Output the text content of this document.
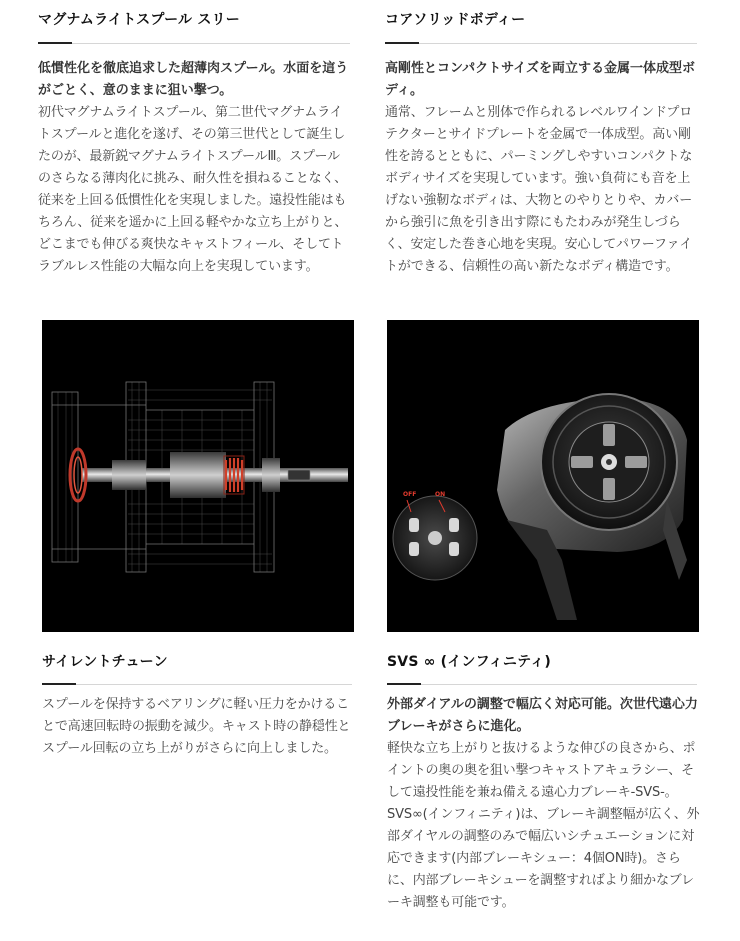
マグナムライトスプール スリー

低慣性化を徹底追求した超薄肉スプール。水面を這うがごとく、意のままに狙い撃つ。

初代マグナムライトスプール、第二世代マグナムライトスプールと進化を遂げ、その第三世代として誕生したのが、最新鋭マグナムライトスプールⅢ。スプールのさらなる薄肉化に挑み、耐久性を損ねることなく、従来を上回る低慣性化を実現しました。遠投性能はもちろん、従来を遥かに上回る軽やかな立ち上がりと、どこまでも伸びる爽快なキャストフィール、そしてトラブルレス性能の大幅な向上を実現しています。

コアソリッドボディー

高剛性とコンパクトサイズを両立する金属一体成型ボディ。

通常、フレームと別体で作られるレベルワインドプロテクターとサイドプレートを金属で一体成型。高い剛性を誇るとともに、パーミングしやすいコンパクトなボディサイズを実現しています。強い負荷にも音を上げない強靭なボディは、大物とのやりとりや、カバーから強引に魚を引き出す際にもたわみが発生しづらく、安定した巻き心地を実現。安心してパワーファイトができる、信頼性の高い新たなボディ構造です。

OFF	ON
サイレントチューン

スプールを保持するベアリングに軽い圧力をかけることで高速回転時の振動を減少。キャスト時の静穏性とスプール回転の立ち上がりがさらに向上しました。

SVS ∞ (インフィニティ)

外部ダイアルの調整で幅広く対応可能。次世代遠心力ブレーキがさらに進化。

軽快な立ち上がりと抜けるような伸びの良さから、ポイントの奥の奥を狙い撃つキャストアキュラシー、そして遠投性能を兼ね備える遠心力ブレーキ-SVS-。SVS∞(インフィニティ)は、ブレーキ調整幅が広く、外部ダイヤルの調整のみで幅広いシチュエーションに対応できます(内部ブレーキシュー：4個ON時)。さらに、内部ブレーキシューを調整すればより細かなブレーキ調整も可能です。
